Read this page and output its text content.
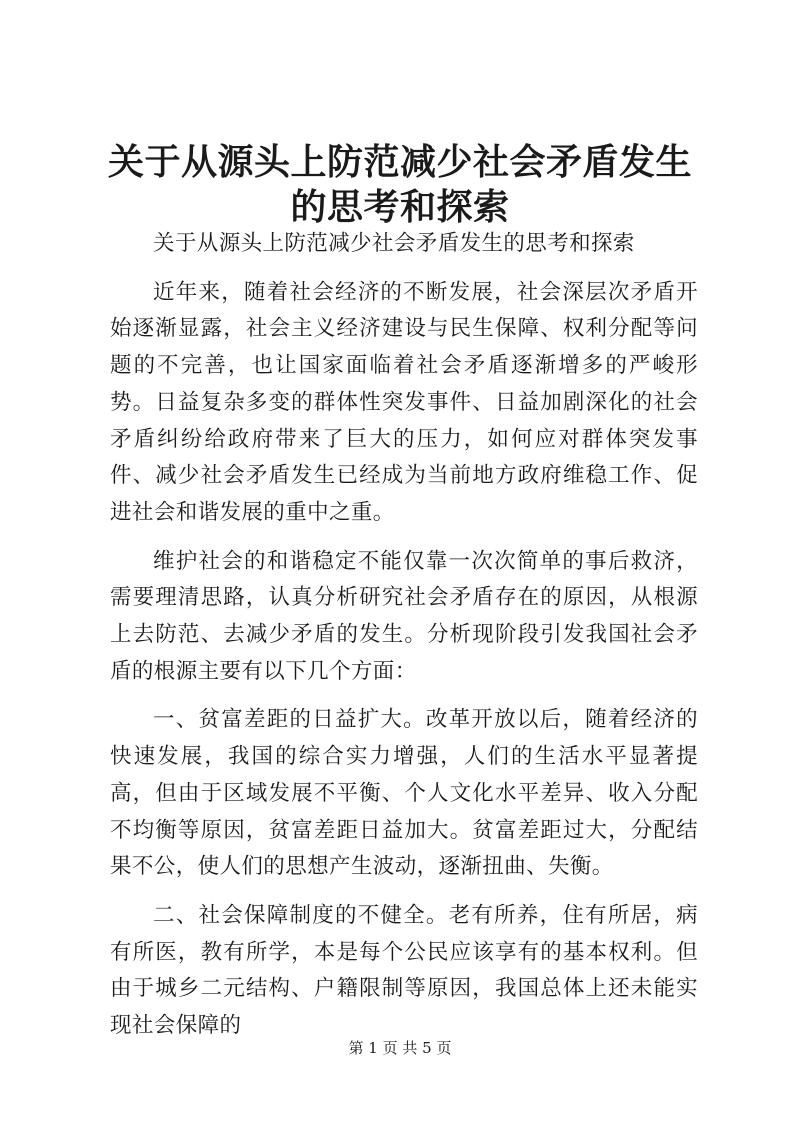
关于从源头上防范减少社会矛盾发生的思考和探索

关于从源头上防范减少社会矛盾发生的思考和探索

近年来，随着社会经济的不断发展，社会深层次矛盾开始逐渐显露，社会主义经济建设与民生保障、权利分配等问题的不完善，也让国家面临着社会矛盾逐渐增多的严峻形势。日益复杂多变的群体性突发事件、日益加剧深化的社会矛盾纠纷给政府带来了巨大的压力，如何应对群体突发事件、减少社会矛盾发生已经成为当前地方政府维稳工作、促进社会和谐发展的重中之重。

维护社会的和谐稳定不能仅靠一次次简单的事后救济，需要理清思路，认真分析研究社会矛盾存在的原因，从根源上去防范、去减少矛盾的发生。分析现阶段引发我国社会矛盾的根源主要有以下几个方面：

一、贫富差距的日益扩大。改革开放以后，随着经济的快速发展，我国的综合实力增强，人们的生活水平显著提高，但由于区域发展不平衡、个人文化水平差异、收入分配不均衡等原因，贫富差距日益加大。贫富差距过大，分配结果不公，使人们的思想产生波动，逐渐扭曲、失衡。

二、社会保障制度的不健全。老有所养，住有所居，病有所医，教有所学，本是每个公民应该享有的基本权利。但由于城乡二元结构、户籍限制等原因，我国总体上还未能实现社会保障的

第 1 页 共 5 页
